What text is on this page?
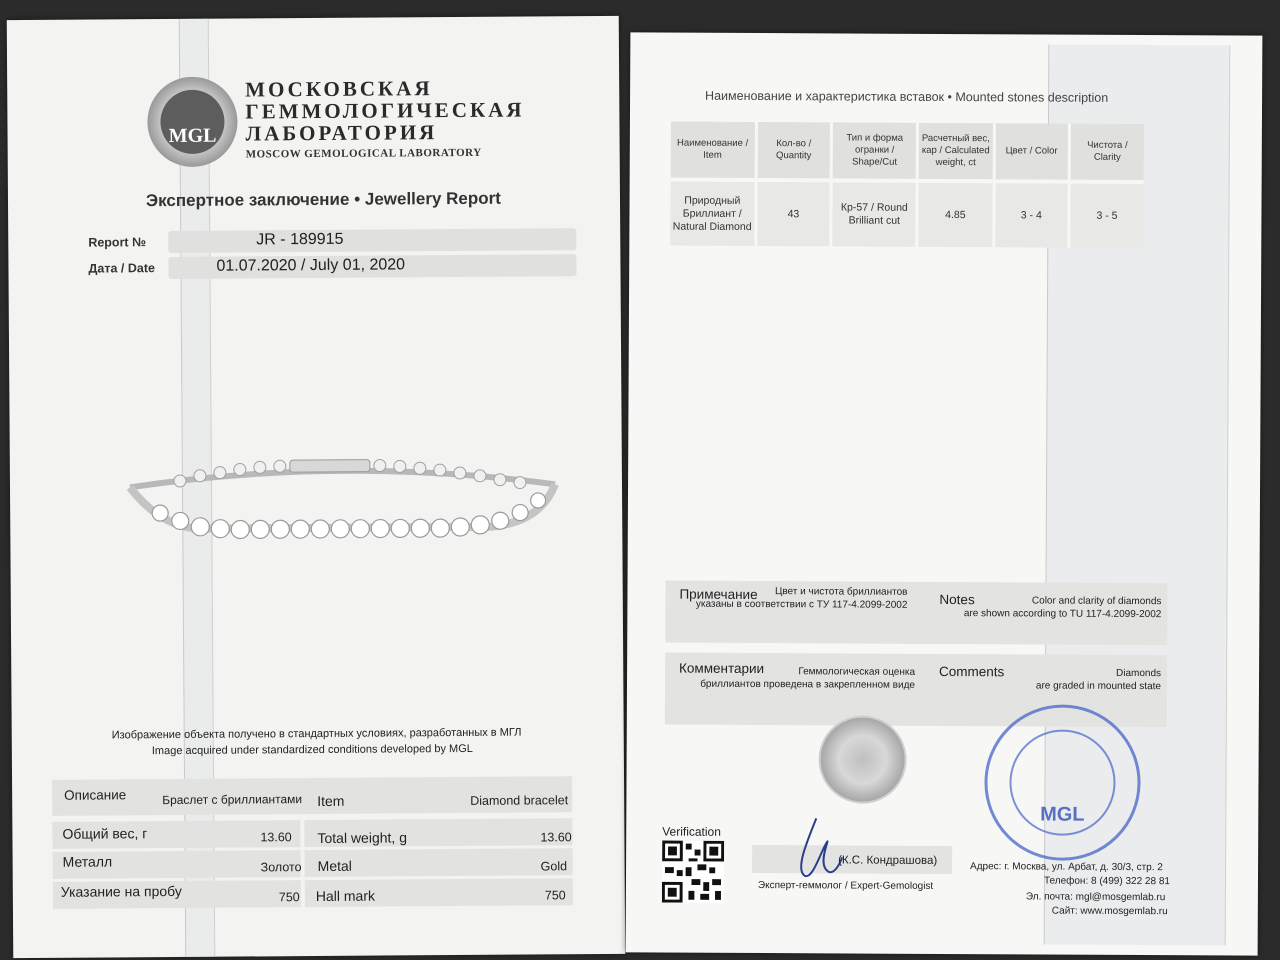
MGL
МОСКОВСКАЯ
ГЕММОЛОГИЧЕСКАЯ
ЛАБОРАТОРИЯ
MOSCOW GEMOLOGICAL LABORATORY
Экспертное заключение • Jewellery Report
Report №	JR - 189915
Дата / Date	01.07.2020 / July 01, 2020
Изображение объекта получено в стандартных условиях, разработанных в МГЛ
Image acquired under standardized conditions developed by MGL
Описание	Браслет с бриллиантами Item	Diamond bracelet
Общий вес, г	13.60 Total weight, g	13.60
Металл	Золото Metal	Gold
Указание на пробу	750 Hall mark	750
Наименование и характеристика вставок • Mounted stones description
Наименование / Item	Кол-во / Quantity	Тип и форма огранки / Shape/Cut	Расчетный вес, кар / Calculated weight, ct	Цвет / Color	Чистота / Clarity
Природный Бриллиант / Natural Diamond	43	Кр-57 / Round Brilliant cut	4.85	3 - 4	3 - 5
Примечание	Цвет и чистота бриллиантов
указаны в соответствии с ТУ 117-4.2099-2002 Notes	Color and clarity of diamonds
are shown according to TU 117-4.2099-2002
Комментарии	Геммологическая оценка
бриллиантов проведена в закрепленном виде
Comments	Diamonds
are graded in mounted state
Verification
(К.С. Кондрашова)
Эксперт-геммолог / Expert-Gemologist
MGL
Адрес: г. Москва, ул. Арбат, д. 30/3, стр. 2
Телефон: 8 (499) 322 28 81
Эл. почта: mgl@mosgemlab.ru
Сайт: www.mosgemlab.ru
